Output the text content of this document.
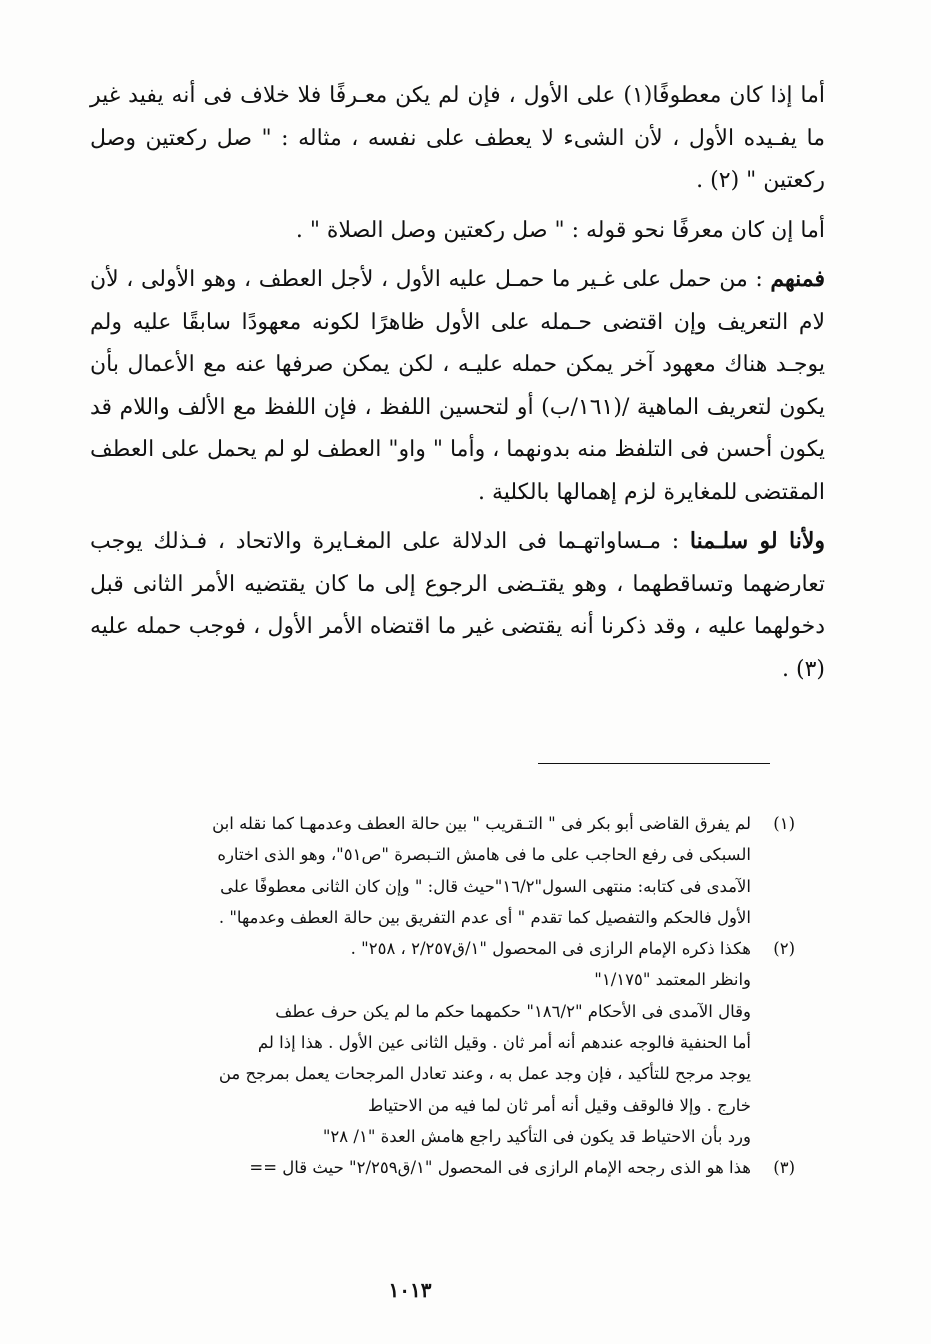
أما إذا كان معطوفًا(١) على الأول ، فإن لم يكن معـرفًا فلا خلاف فى أنه يفيد غير ما يفـيده الأول ، لأن الشىء لا يعطف على نفسه ، مثاله : " صل ركعتين وصل ركعتين " (٢) .

أما إن كان معرفًا نحو قوله : " صل ركعتين وصل الصلاة " .

فمنهم : من حمل على غـير ما حمـل عليه الأول ، لأجل العطف ، وهو الأولى ، لأن لام التعريف وإن اقتضى حـمله على الأول ظاهرًا لكونه معهودًا سابقًا عليه ولم يوجـد هناك معهود آخر يمكن حمله عليـه ، لكن يمكن صرفها عنه مع الأعمال بأن يكون لتعريف الماهية /(١٦١/ب) أو لتحسين اللفظ ، فإن اللفظ مع الألف واللام قد يكون أحسن فى التلفظ منه بدونهما ، وأما " واو" العطف لو لم يحمل على العطف المقتضى للمغايرة لزم إهمالها بالكلية .

ولأنا لو سلـمنا : مـساواتهـما فى الدلالة على المغـايرة والاتحاد ، فـذلك يوجب تعارضهما وتساقطهما ، وهو يقتـضى الرجوع إلى ما كان يقتضيه الأمر الثانى قبل دخولهما عليه ، وقد ذكرنا أنه يقتضى غير ما اقتضاه الأمر الأول ، فوجب حمله عليه (٣) .

(١)
لم يفرق القاضى أبو بكر فى " التـقريب " بين حالة العطف وعدمهـا كما نقله ابن
السبكى فى رفع الحاجب على ما فى هامش التـبصرة "ص٥١"، وهو الذى اختاره
الآمدى فى كتابه: منتهى السول"١٦/٢"حيث قال: " وإن كان الثانى معطوفًا على
الأول فالحكم والتفصيل كما تقدم " أى عدم التفريق بين حالة العطف وعدمها" .
(٢)
هكذا ذكره الإمام الرازى فى المحصول "١/ق٢/٢٥٧ ، ٢٥٨" .
وانظر المعتمد "١/١٧٥"
وقال الآمدى فى الأحكام "١٨٦/٢" حكمهما حكم ما لم يكن حرف عطف
أما الحنفية فالوجه عندهم أنه أمر ثان . وقيل الثانى عين الأول . هذا إذا لم
يوجد مرجح للتأكيد ، فإن وجد عمل به ، وعند تعادل المرجحات يعمل بمرجح من
خارج . وإلا فالوقف وقيل أنه أمر ثان لما فيه من الاحتياط
ورد بأن الاحتياط قد يكون فى التأكيد راجع هامش العدة "١/ ٢٨"
(٣)
هذا هو الذى رجحه الإمام الرازى فى المحصول "١/ق٢/٢٥٩" حيث قال ==
١٠١٣
